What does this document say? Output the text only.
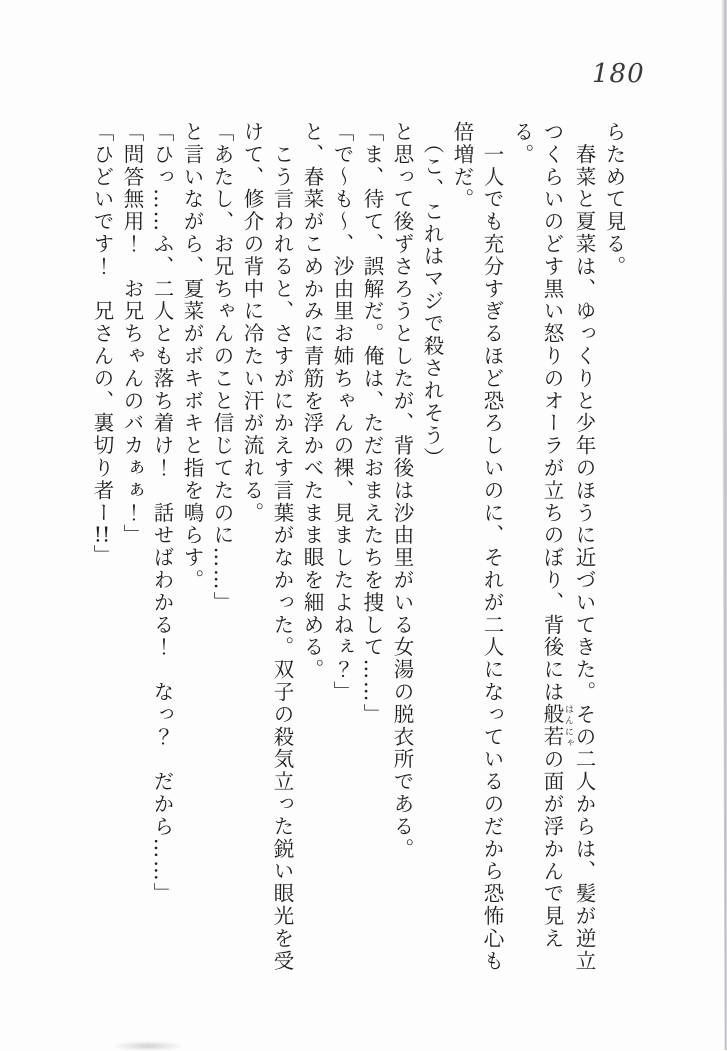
180

らためて見る。

　春菜と夏菜は、ゆっくりと少年のほうに近づいてきた。その二人からは、髪が逆立つくらいのどす黒い怒りのオーラが立ちのぼり、背後には般若 はんにゃの面が浮かんで見える。

　一人でも充分すぎるほど恐ろしいのに、それが二人になっているのだから恐怖心も倍増だ。

　（こ、これはマジで殺されそう）

と思って後ずさろうとしたが、背後は沙由里がいる女湯の脱衣所である。

「ま、待て、誤解だ。俺は、ただおまえたちを捜して……」

「で〜も〜、沙由里お姉ちゃんの裸、見ましたよねぇ？」

と、春菜がこめかみに青筋を浮かべたまま眼を細める。

　こう言われると、さすがにかえす言葉がなかった。双子の殺気立った鋭い眼光を受けて、修介の背中に冷たい汗が流れる。

「あたし、お兄ちゃんのこと信じてたのに……」

と言いながら、夏菜がボキボキと指を鳴らす。

「ひっ……ふ、二人とも落ち着け！　話せばわかる！　なっ？　だから……」

「問答無用！　お兄ちゃんのバカぁぁ！」

「ひどいです！　兄さんの、裏切り者ー!!」
